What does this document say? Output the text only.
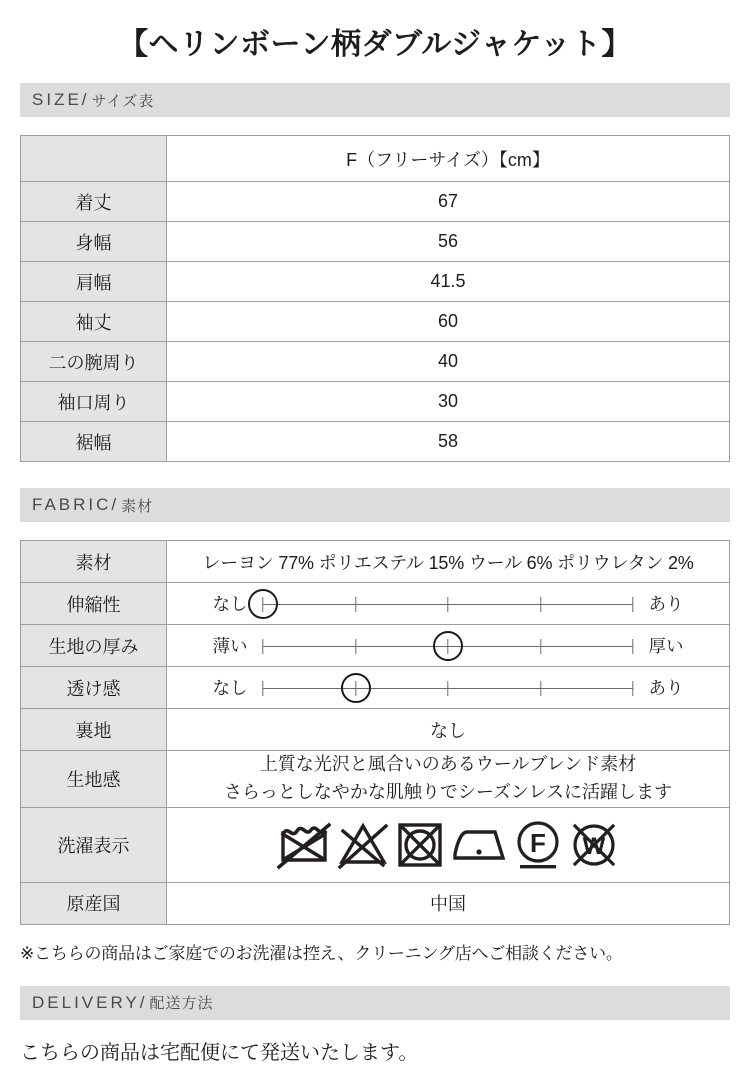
【ヘリンボーン柄ダブルジャケット】
SIZE/ サイズ表
	F（フリーサイズ）【cm】
着丈	67
身幅	56
肩幅	41.5
袖丈	60
二の腕周り	40
袖口周り	30
裾幅	58
FABRIC/ 素材
素材	レーヨン 77% ポリエステル 15% ウール 6% ポリウレタン 2%
伸縮性	なし あり

生地の厚み	薄い 厚い

透け感	なし あり

裏地	なし
生地感	上質な光沢と風合いのあるウールブレンド素材
さらっとしなやかな肌触りでシーズンレスに活躍します

洗濯表示	F W

原産国	中国
※こちらの商品はご家庭でのお洗濯は控え、クリーニング店へご相談ください。
DELIVERY/ 配送方法
こちらの商品は宅配便にて発送いたします。
